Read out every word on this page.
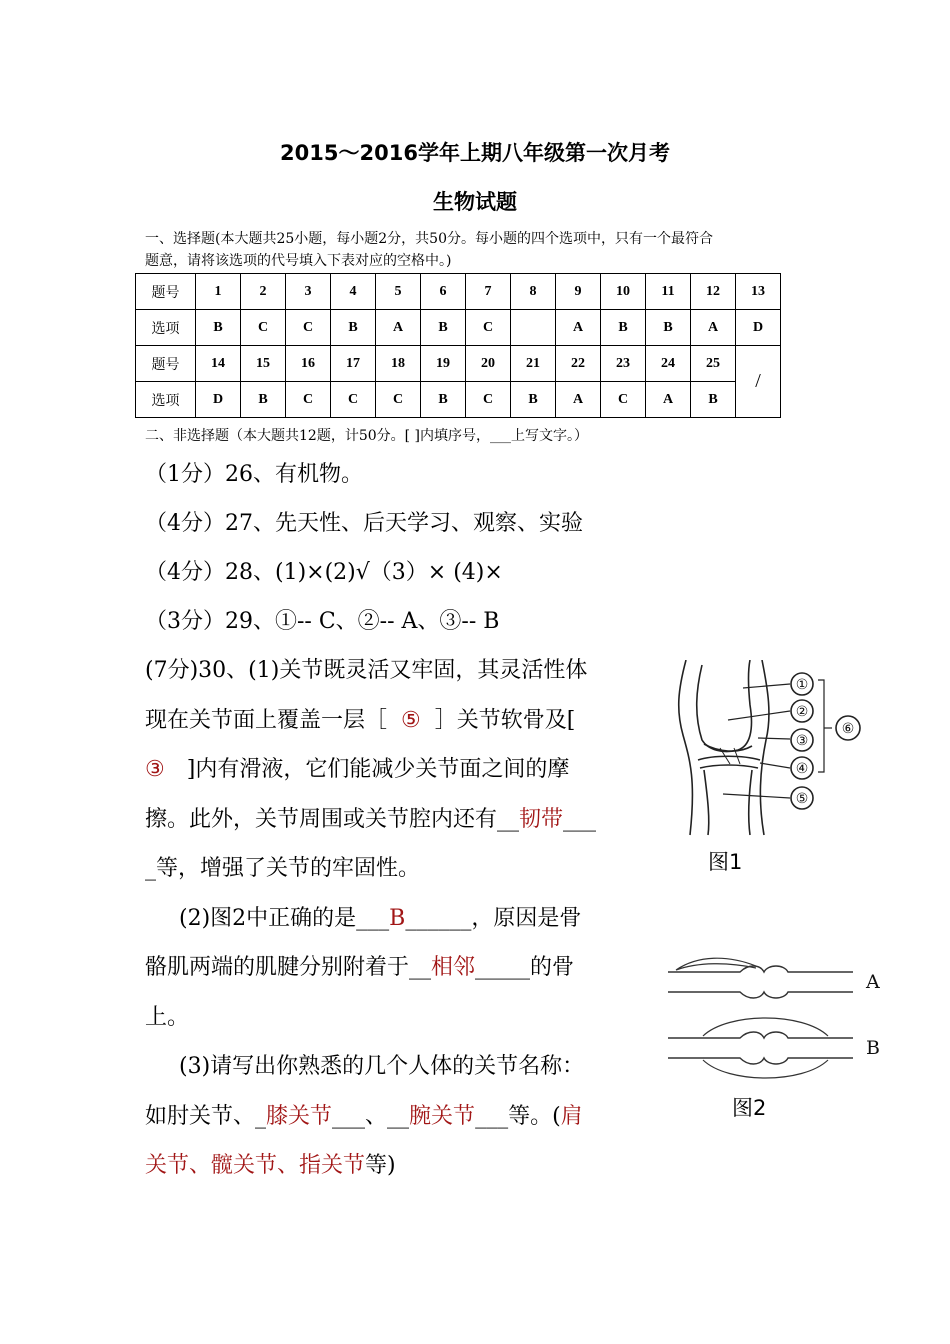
2015～2016学年上期八年级第一次月考
生物试题
一、选择题(本大题共25小题，每小题2分，共50分。每小题的四个选项中，只有一个最符合
题意，请将该选项的代号填入下表对应的空格中。)
题号	1	2	3	4	5	6	7	8	9	10	11	12	13
选项	B	C	C	B	A	B	C		A	B	B	A	D
题号	14	15	16	17	18	19	20	21	22	23	24	25	/
选项	D	B	C	C	C	B	C	B	A	C	A	B	
二、非选择题（本大题共12题，计50分。[ ]内填序号，___上写文字。）
（1分）26、有机物。
（4分）27、先天性、后天学习、观察、实验
（4分）28、(1)×(2)√（3）× (4)×
（3分）29、①-- C、②-- A、③-- B
(7分)30、(1)关节既灵活又牢固，其灵活性体
现在关节面上覆盖一层［ ⑤ ］关节软骨及[
③ ]内有滑液，它们能减少关节面之间的摩
擦。此外，关节周围或关节腔内还有__韧带___
_等，增强了关节的牢固性。
(2)图2中正确的是___B______，原因是骨
骼肌两端的肌腱分别附着于__相邻_____的骨
上。
(3)请写出你熟悉的几个人体的关节名称：
如肘关节、_膝关节___、__腕关节___等。(肩
关节、髋关节、指关节等)
①
②
③
④
⑤
⑥
图1
A
B
图2
